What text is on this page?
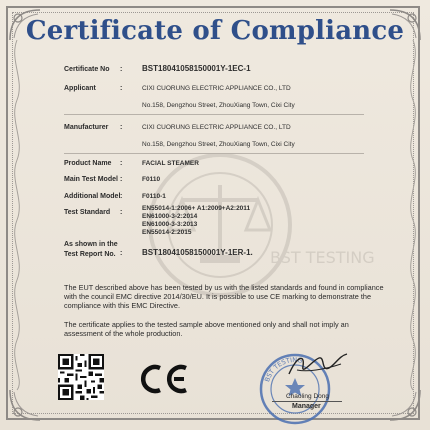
Certificate of Compliance
BST TESTING
Certificate No : BST18041058150001Y-1EC-1
Applicant	:	CIXI CUORUNG ELECTRIC APPLIANCE CO., LTD
No.158, Dengzhou Street, ZhouXiang Town, Cixi City
Manufacturer :	CIXI CUORUNG ELECTRIC APPLIANCE CO., LTD
No.158, Dengzhou Street, ZhouXiang Town, Cixi City
Product Name :	FACIAL STEAMER
Main Test Model :	F0110
Additional Model :	F0110-1
Test Standard :
EN55014-1:2006+ A1:2009+A2:2011
EN61000-3-2:2014
EN61000-3-3:2013
EN55014-2:2015
As shown in the
Test Report No. : BST18041058150001Y-1ER-1.
The EUT described above has been tested by us with the listed standards and found in compliance with the council EMC directive 2014/30/EU. It is possible to use CE marking to demonstrate the compliance with this EMC Directive.
The certificate applies to the tested sample above mentioned only and shall not imply an assessment of the whole production.
BST TESTING
Chaoling Dong
Manager
